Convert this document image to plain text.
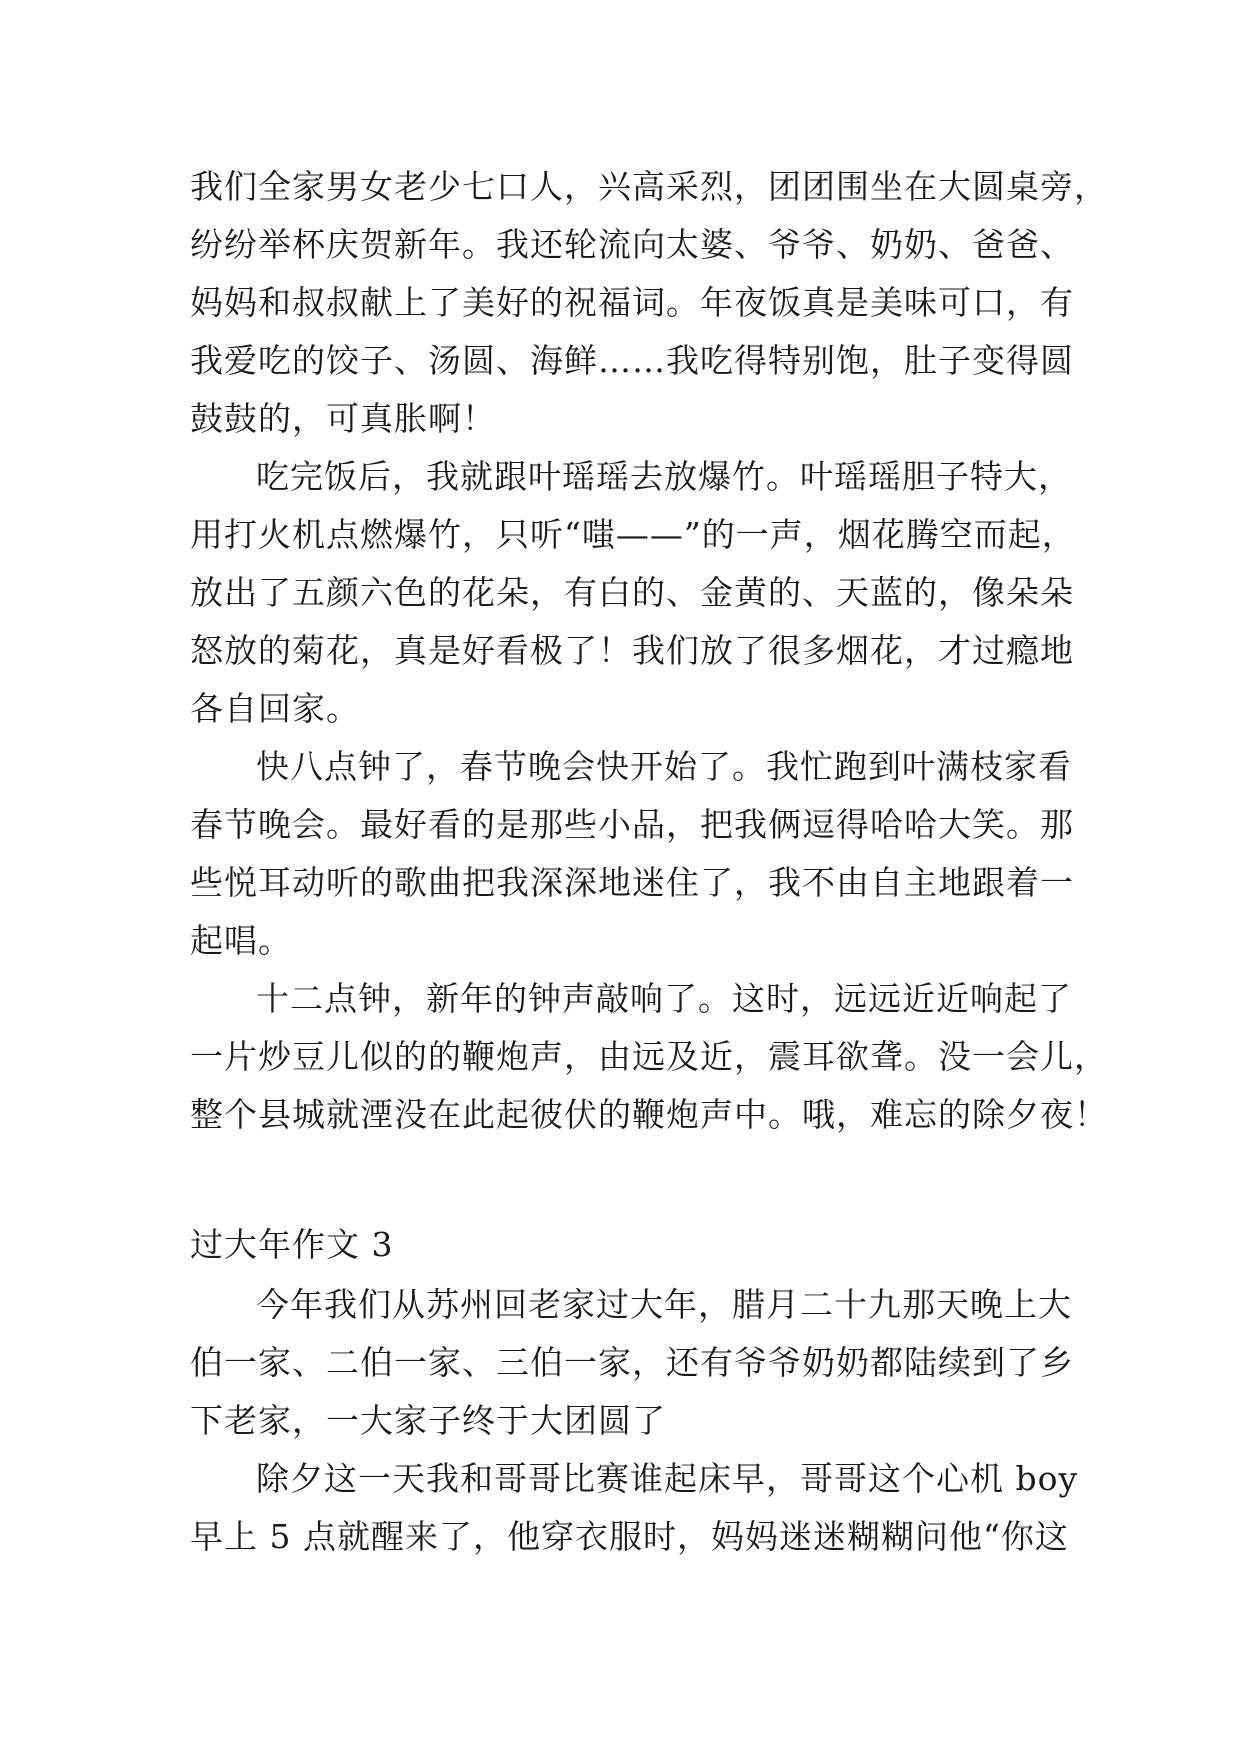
我们全家男女老少七口人，兴高采烈，团团围坐在大圆桌旁，
纷纷举杯庆贺新年。我还轮流向太婆、爷爷、奶奶、爸爸、
妈妈和叔叔献上了美好的祝福词。年夜饭真是美味可口，有
我爱吃的饺子、汤圆、海鲜……我吃得特别饱，肚子变得圆
鼓鼓的，可真胀啊！
吃完饭后，我就跟叶瑶瑶去放爆竹。叶瑶瑶胆子特大，
用打火机点燃爆竹，只听“嗤——”的一声，烟花腾空而起，
放出了五颜六色的花朵，有白的、金黄的、天蓝的，像朵朵
怒放的菊花，真是好看极了！我们放了很多烟花，才过瘾地
各自回家。
快八点钟了，春节晚会快开始了。我忙跑到叶满枝家看
春节晚会。最好看的是那些小品，把我俩逗得哈哈大笑。那
些悦耳动听的歌曲把我深深地迷住了，我不由自主地跟着一
起唱。
十二点钟，新年的钟声敲响了。这时，远远近近响起了
一片炒豆儿似的的鞭炮声，由远及近，震耳欲聋。没一会儿，
整个县城就湮没在此起彼伏的鞭炮声中。哦，难忘的除夕夜！
过大年作文 3
今年我们从苏州回老家过大年，腊月二十九那天晚上大
伯一家、二伯一家、三伯一家，还有爷爷奶奶都陆续到了乡
下老家，一大家子终于大团圆了
除夕这一天我和哥哥比赛谁起床早，哥哥这个心机 boy
早上 5 点就醒来了，他穿衣服时，妈妈迷迷糊糊问他“你这
